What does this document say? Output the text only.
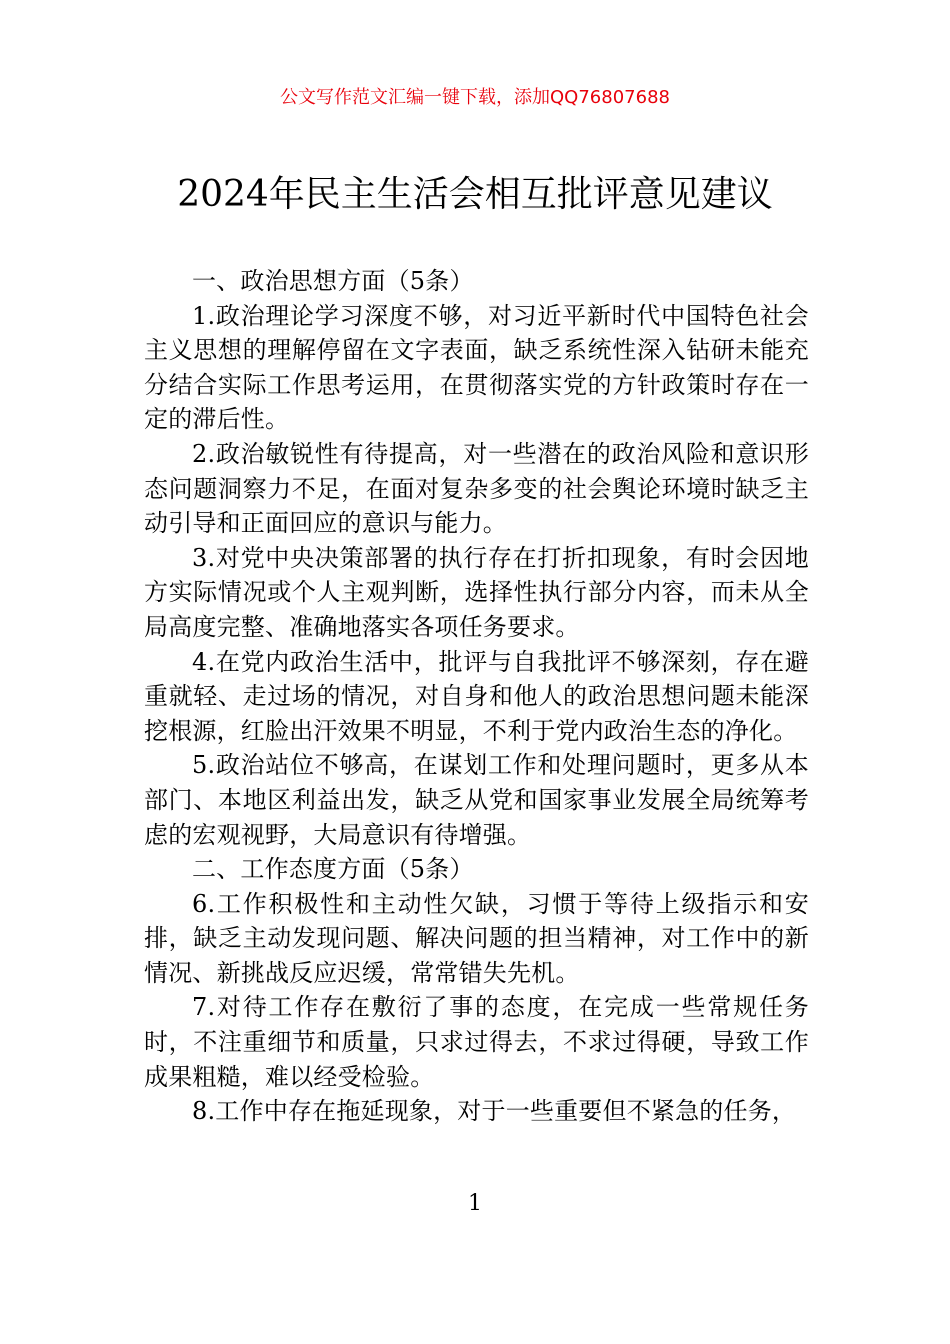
公文写作范文汇编一键下载，添加QQ76807688
2024年民主生活会相互批评意见建议

一、政治思想方面（5条）

1.政治理论学习深度不够，对习近平新时代中国特色社会主义思想的理解停留在文字表面，缺乏系统性深入钻研未能充分结合实际工作思考运用，在贯彻落实党的方针政策时存在一定的滞后性。

2.政治敏锐性有待提高，对一些潜在的政治风险和意识形态问题洞察力不足，在面对复杂多变的社会舆论环境时缺乏主动引导和正面回应的意识与能力。

3.对党中央决策部署的执行存在打折扣现象，有时会因地方实际情况或个人主观判断，选择性执行部分内容，而未从全局高度完整、准确地落实各项任务要求。

4.在党内政治生活中，批评与自我批评不够深刻，存在避重就轻、走过场的情况，对自身和他人的政治思想问题未能深挖根源，红脸出汗效果不明显，不利于党内政治生态的净化。

5.政治站位不够高，在谋划工作和处理问题时，更多从本部门、本地区利益出发，缺乏从党和国家事业发展全局统筹考虑的宏观视野，大局意识有待增强。

二、工作态度方面（5条）

6.工作积极性和主动性欠缺，习惯于等待上级指示和安排，缺乏主动发现问题、解决问题的担当精神，对工作中的新情况、新挑战反应迟缓，常常错失先机。

7.对待工作存在敷衍了事的态度，在完成一些常规任务时，不注重细节和质量，只求过得去，不求过得硬，导致工作成果粗糙，难以经受检验。

8.工作中存在拖延现象，对于一些重要但不紧急的任务，

1
